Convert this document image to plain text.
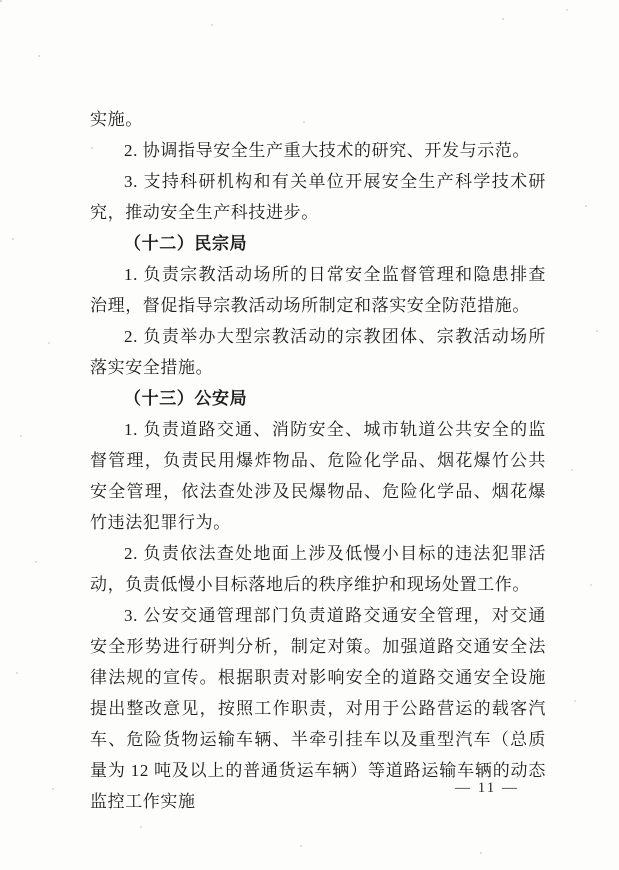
实施。

2. 协调指导安全生产重大技术的研究、开发与示范。

3. 支持科研机构和有关单位开展安全生产科学技术研究，推动安全生产科技进步。

（十二）民宗局

1. 负责宗教活动场所的日常安全监督管理和隐患排查治理，督促指导宗教活动场所制定和落实安全防范措施。

2. 负责举办大型宗教活动的宗教团体、宗教活动场所落实安全措施。

（十三）公安局

1. 负责道路交通、消防安全、城市轨道公共安全的监督管理，负责民用爆炸物品、危险化学品、烟花爆竹公共安全管理，依法查处涉及民爆物品、危险化学品、烟花爆竹违法犯罪行为。

2. 负责依法查处地面上涉及低慢小目标的违法犯罪活动，负责低慢小目标落地后的秩序维护和现场处置工作。

3. 公安交通管理部门负责道路交通安全管理，对交通安全形势进行研判分析，制定对策。加强道路交通安全法律法规的宣传。根据职责对影响安全的道路交通安全设施提出整改意见，按照工作职责，对用于公路营运的载客汽车、危险货物运输车辆、半牵引挂车以及重型汽车（总质量为 12 吨及以上的普通货运车辆）等道路运输车辆的动态监控工作实施

— 11 —
